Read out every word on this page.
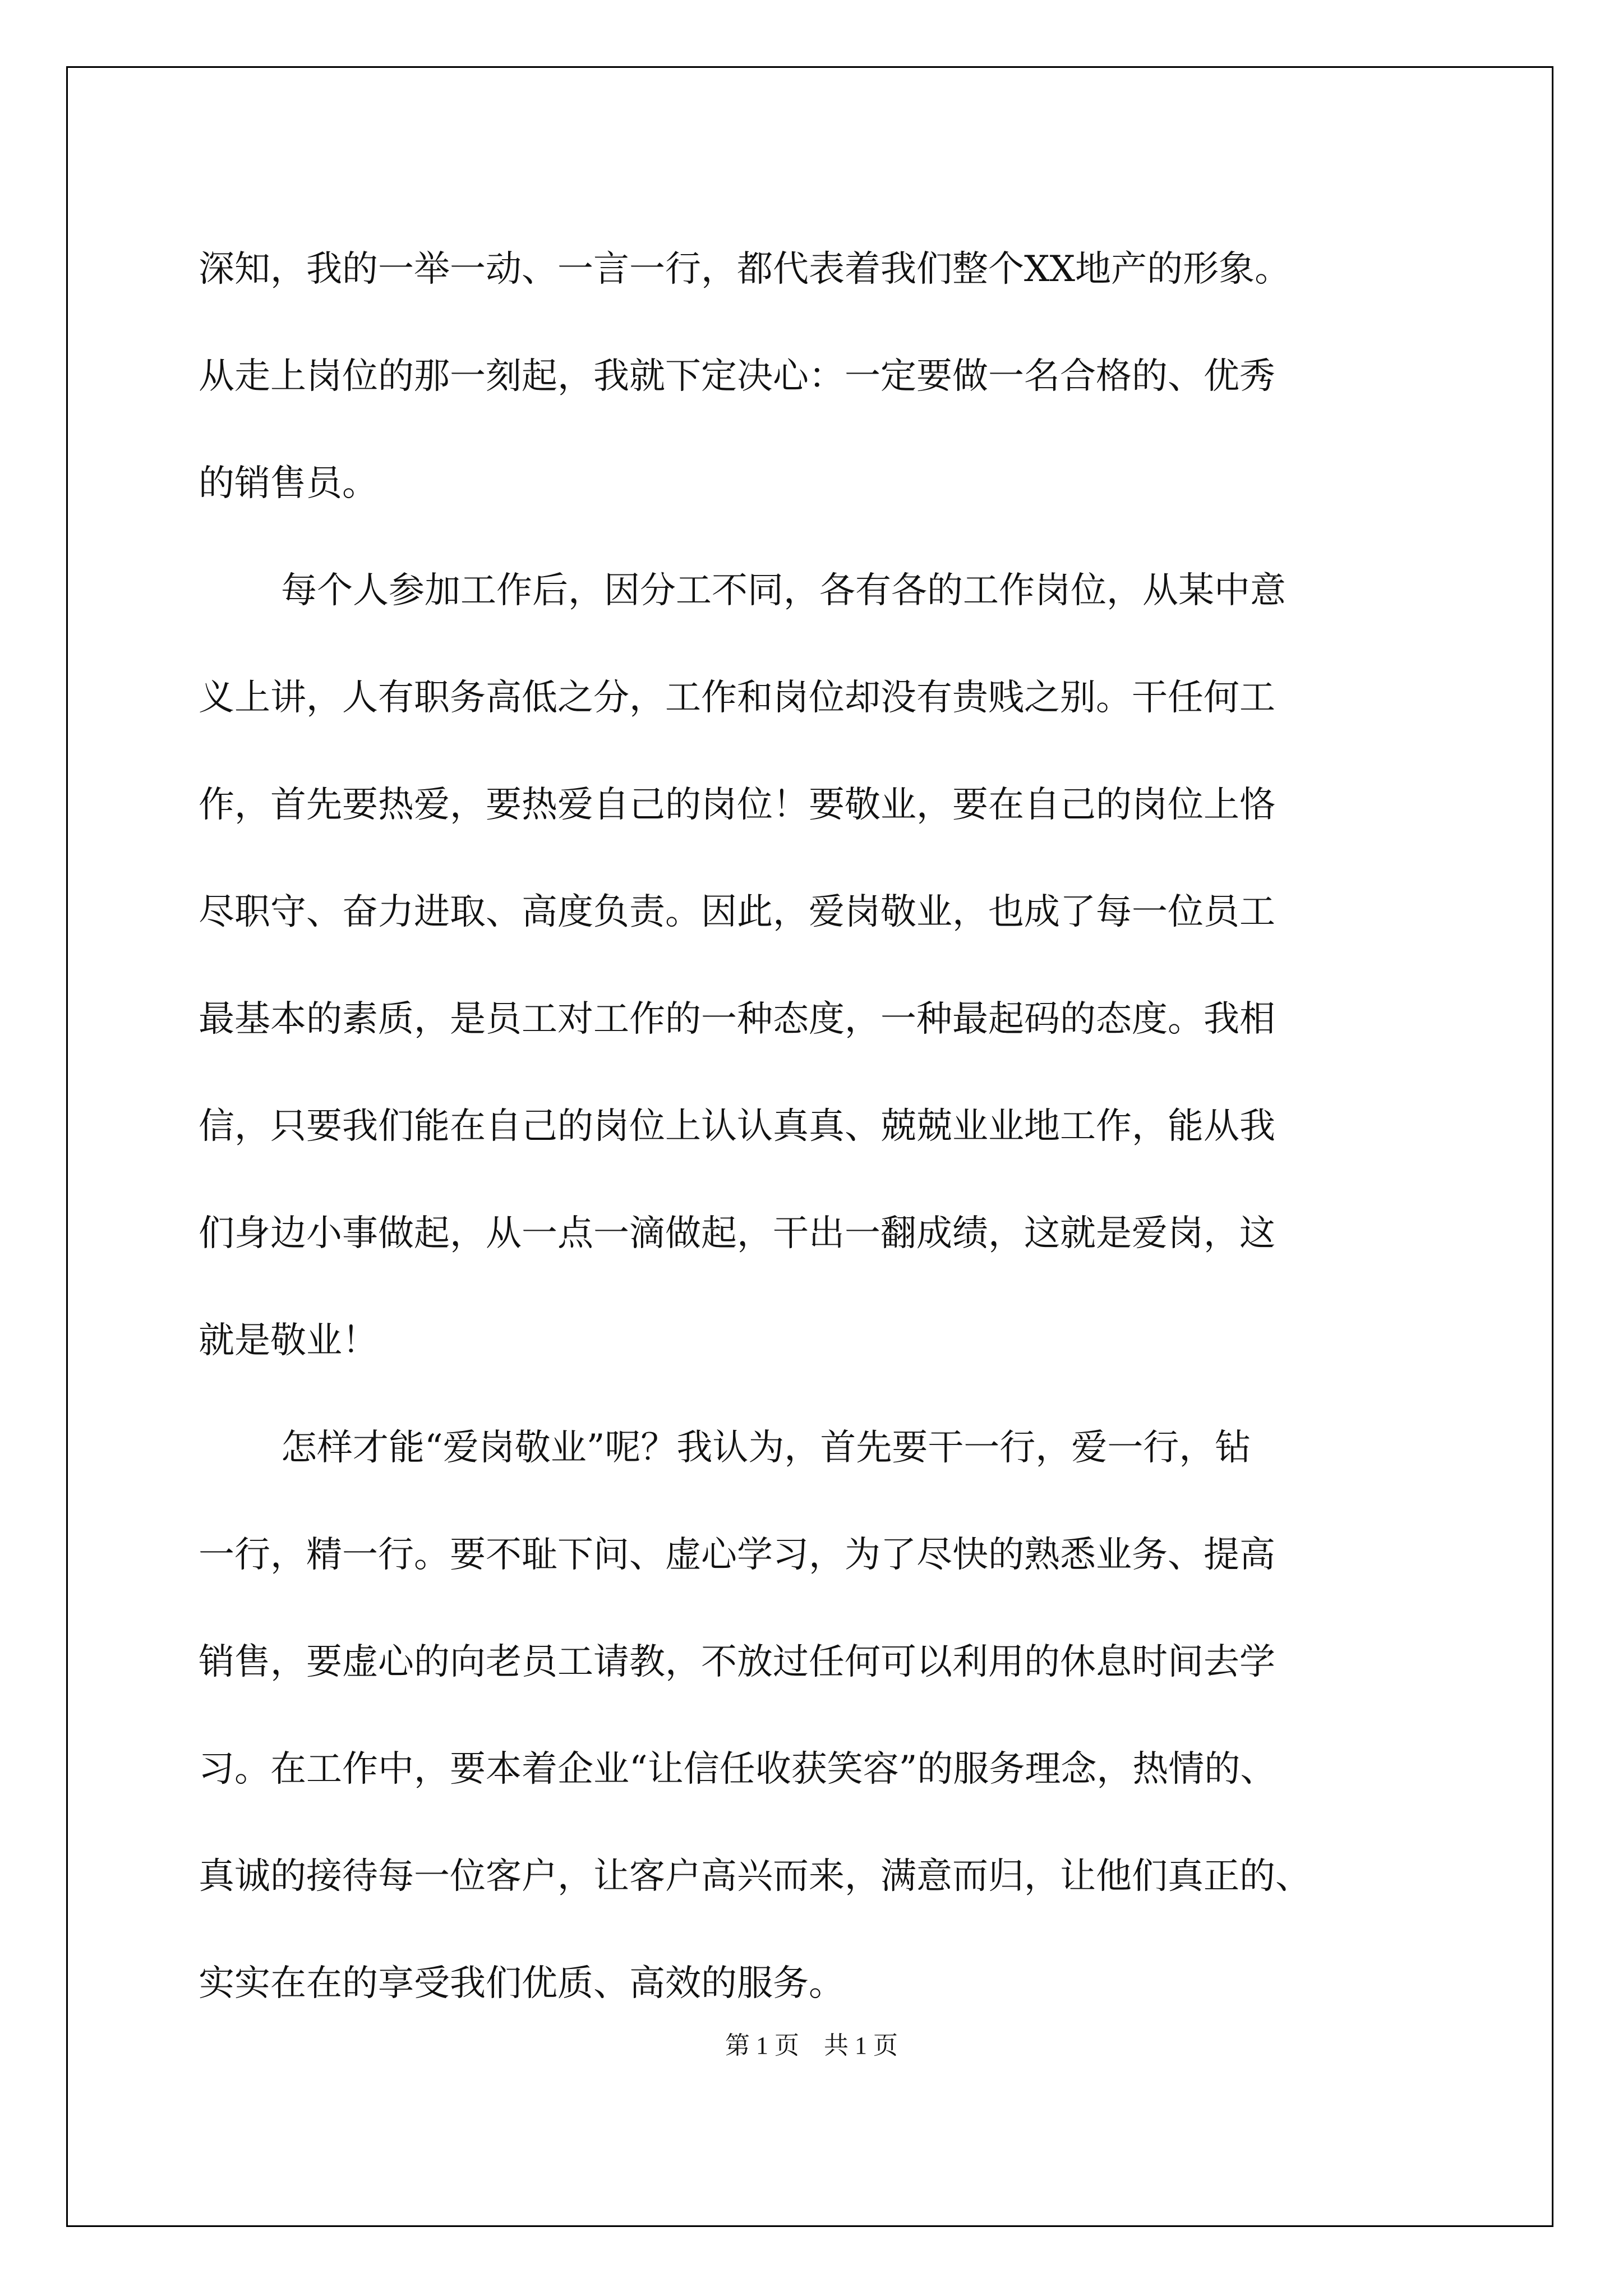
深知，我的一举一动、一言一行，都代表着我们整个XX地产的形象。
从走上岗位的那一刻起，我就下定决心：一定要做一名合格的、优秀
的销售员。
每个人参加工作后，因分工不同，各有各的工作岗位，从某中意
义上讲，人有职务高低之分，工作和岗位却没有贵贱之别。干任何工
作，首先要热爱，要热爱自己的岗位！要敬业，要在自己的岗位上恪
尽职守、奋力进取、高度负责。因此，爱岗敬业，也成了每一位员工
最基本的素质，是员工对工作的一种态度，一种最起码的态度。我相
信，只要我们能在自己的岗位上认认真真、兢兢业业地工作，能从我
们身边小事做起，从一点一滴做起，干出一翻成绩，这就是爱岗，这
就是敬业！
怎样才能“爱岗敬业”呢？我认为，首先要干一行，爱一行，钻
一行，精一行。要不耻下问、虚心学习，为了尽快的熟悉业务、提高
销售，要虚心的向老员工请教，不放过任何可以利用的休息时间去学
习。在工作中，要本着企业“让信任收获笑容”的服务理念，热情的、
真诚的接待每一位客户，让客户高兴而来，满意而归，让他们真正的、
实实在在的享受我们优质、高效的服务。
第 1 页　共 1 页
